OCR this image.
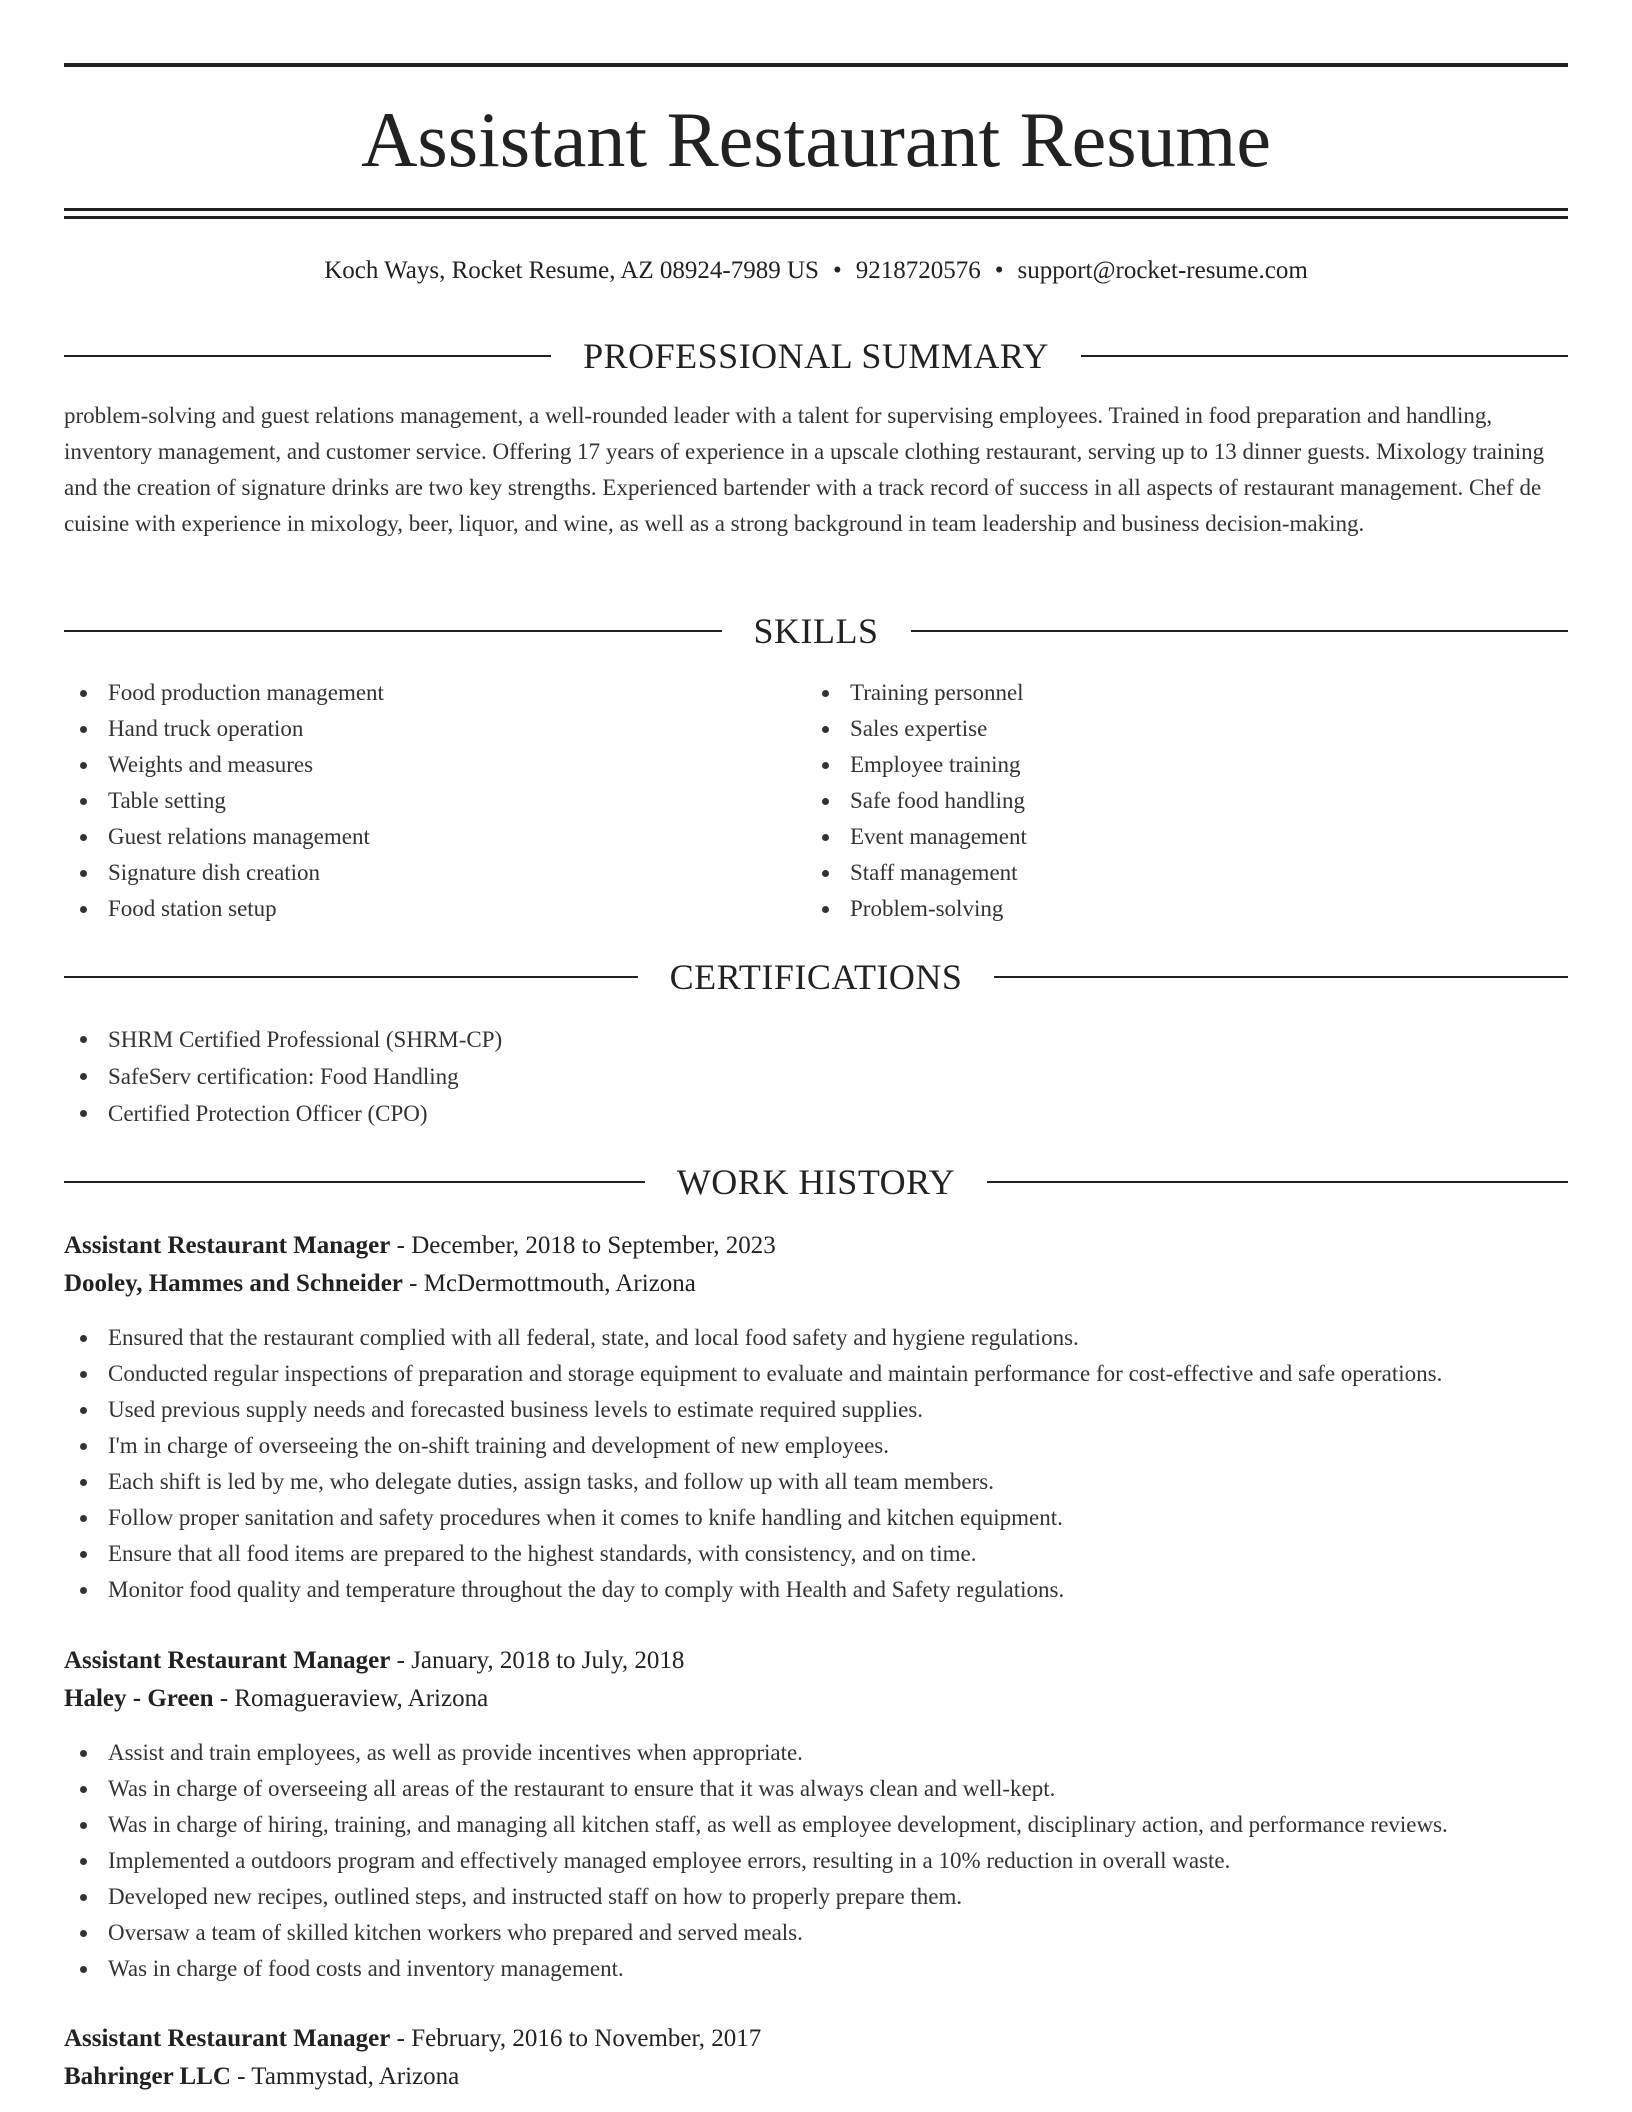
Assistant Restaurant Resume
Koch Ways, Rocket Resume, AZ 08924-7989 US • 9218720576 • support@rocket-resume.com
PROFESSIONAL SUMMARY

problem-solving and guest relations management, a well-rounded leader with a talent for supervising employees. Trained in food preparation and handling, inventory management, and customer service. Offering 17 years of experience in a upscale clothing restaurant, serving up to 13 dinner guests. Mixology training and the creation of signature drinks are two key strengths. Experienced bartender with a track record of success in all aspects of restaurant management. Chef de cuisine with experience in mixology, beer, liquor, and wine, as well as a strong background in team leadership and business decision-making.

SKILLS
Food production management
Hand truck operation
Weights and measures
Table setting
Guest relations management
Signature dish creation
Food station setup
Training personnel
Sales expertise
Employee training
Safe food handling
Event management
Staff management
Problem-solving
CERTIFICATIONS
SHRM Certified Professional (SHRM-CP)
SafeServ certification: Food Handling
Certified Protection Officer (CPO)
WORK HISTORY
Assistant Restaurant Manager - December, 2018 to September, 2023
Dooley, Hammes and Schneider - McDermottmouth, Arizona
Ensured that the restaurant complied with all federal, state, and local food safety and hygiene regulations.
Conducted regular inspections of preparation and storage equipment to evaluate and maintain performance for cost-effective and safe operations.
Used previous supply needs and forecasted business levels to estimate required supplies.
I'm in charge of overseeing the on-shift training and development of new employees.
Each shift is led by me, who delegate duties, assign tasks, and follow up with all team members.
Follow proper sanitation and safety procedures when it comes to knife handling and kitchen equipment.
Ensure that all food items are prepared to the highest standards, with consistency, and on time.
Monitor food quality and temperature throughout the day to comply with Health and Safety regulations.
Assistant Restaurant Manager - January, 2018 to July, 2018
Haley - Green - Romagueraview, Arizona
Assist and train employees, as well as provide incentives when appropriate.
Was in charge of overseeing all areas of the restaurant to ensure that it was always clean and well-kept.
Was in charge of hiring, training, and managing all kitchen staff, as well as employee development, disciplinary action, and performance reviews.
Implemented a outdoors program and effectively managed employee errors, resulting in a 10% reduction in overall waste.
Developed new recipes, outlined steps, and instructed staff on how to properly prepare them.
Oversaw a team of skilled kitchen workers who prepared and served meals.
Was in charge of food costs and inventory management.
Assistant Restaurant Manager - February, 2016 to November, 2017
Bahringer LLC - Tammystad, Arizona
